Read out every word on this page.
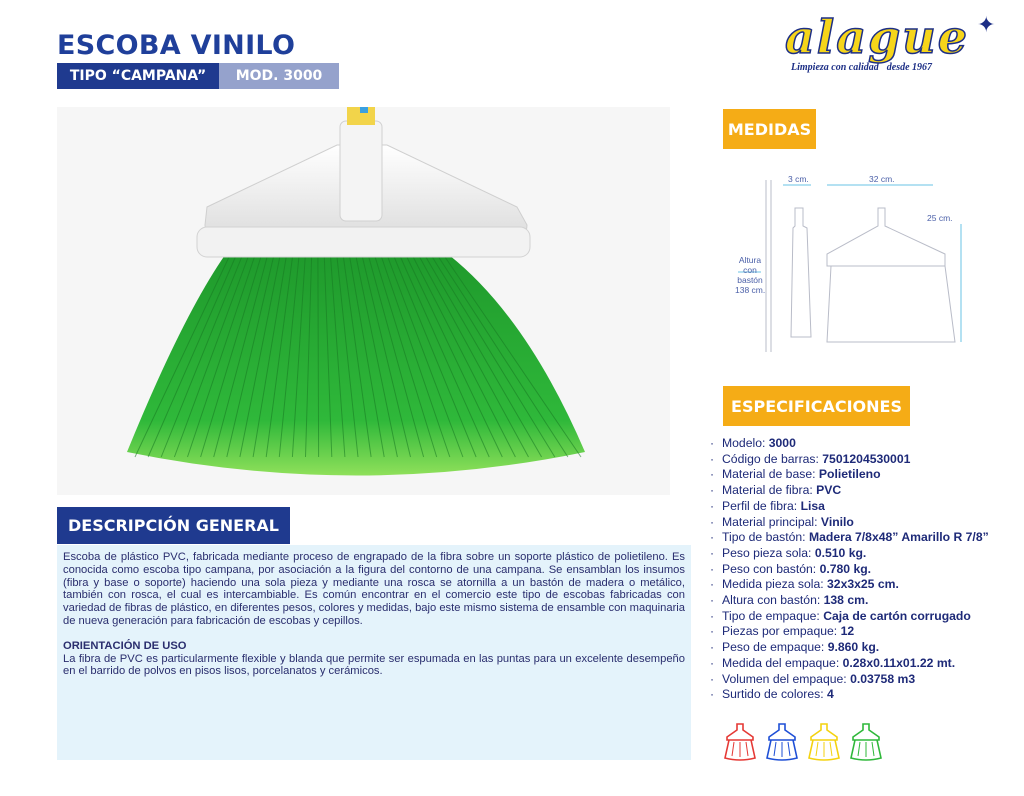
ESCOBA VINILO
TIPO “CAMPANA”	MOD. 3000
alague ✦
Limpieza con calidad desde 1967
MEDIDAS
3 cm.	32 cm.
25 cm.
Altura
con
bastón
138 cm.
ESPECIFICACIONES
· Modelo: 3000
· Código de barras: 7501204530001
· Material de base: Polietileno
· Material de fibra: PVC
· Perfil de fibra: Lisa
· Material principal: Vinilo
· Tipo de bastón: Madera 7/8x48” Amarillo R 7/8”
· Peso pieza sola: 0.510 kg.
· Peso con bastón: 0.780 kg.
· Medida pieza sola: 32x3x25 cm.
· Altura con bastón: 138 cm.
· Tipo de empaque: Caja de cartón corrugado
· Piezas por empaque: 12
· Peso de empaque: 9.860 kg.
· Medida del empaque: 0.28x0.11x01.22 mt.
· Volumen del empaque: 0.03758 m3
· Surtido de colores: 4
DESCRIPCIÓN GENERAL

Escoba de plástico PVC, fabricada mediante proceso de engrapado de la fibra sobre un soporte plástico de polietileno. Es conocida como escoba tipo campana, por asociación a la figura del contorno de una campana. Se ensamblan los insumos (fibra y base o soporte) haciendo una sola pieza y mediante una rosca se atornilla a un bastón de madera o metálico, también con rosca, el cual es intercambiable. Es común encontrar en el comercio este tipo de escobas fabricadas con variedad de fibras de plástico, en diferentes pesos, colores y medidas, bajo este mismo sistema de ensamble con maquinaria de nueva generación para fabricación de escobas y cepillos.

ORIENTACIÓN DE USO

La fibra de PVC es particularmente flexible y blanda que permite ser espumada en las puntas para un excelente desempeño en el barrido de polvos en pisos lisos, porcelanatos y cerámicos.
